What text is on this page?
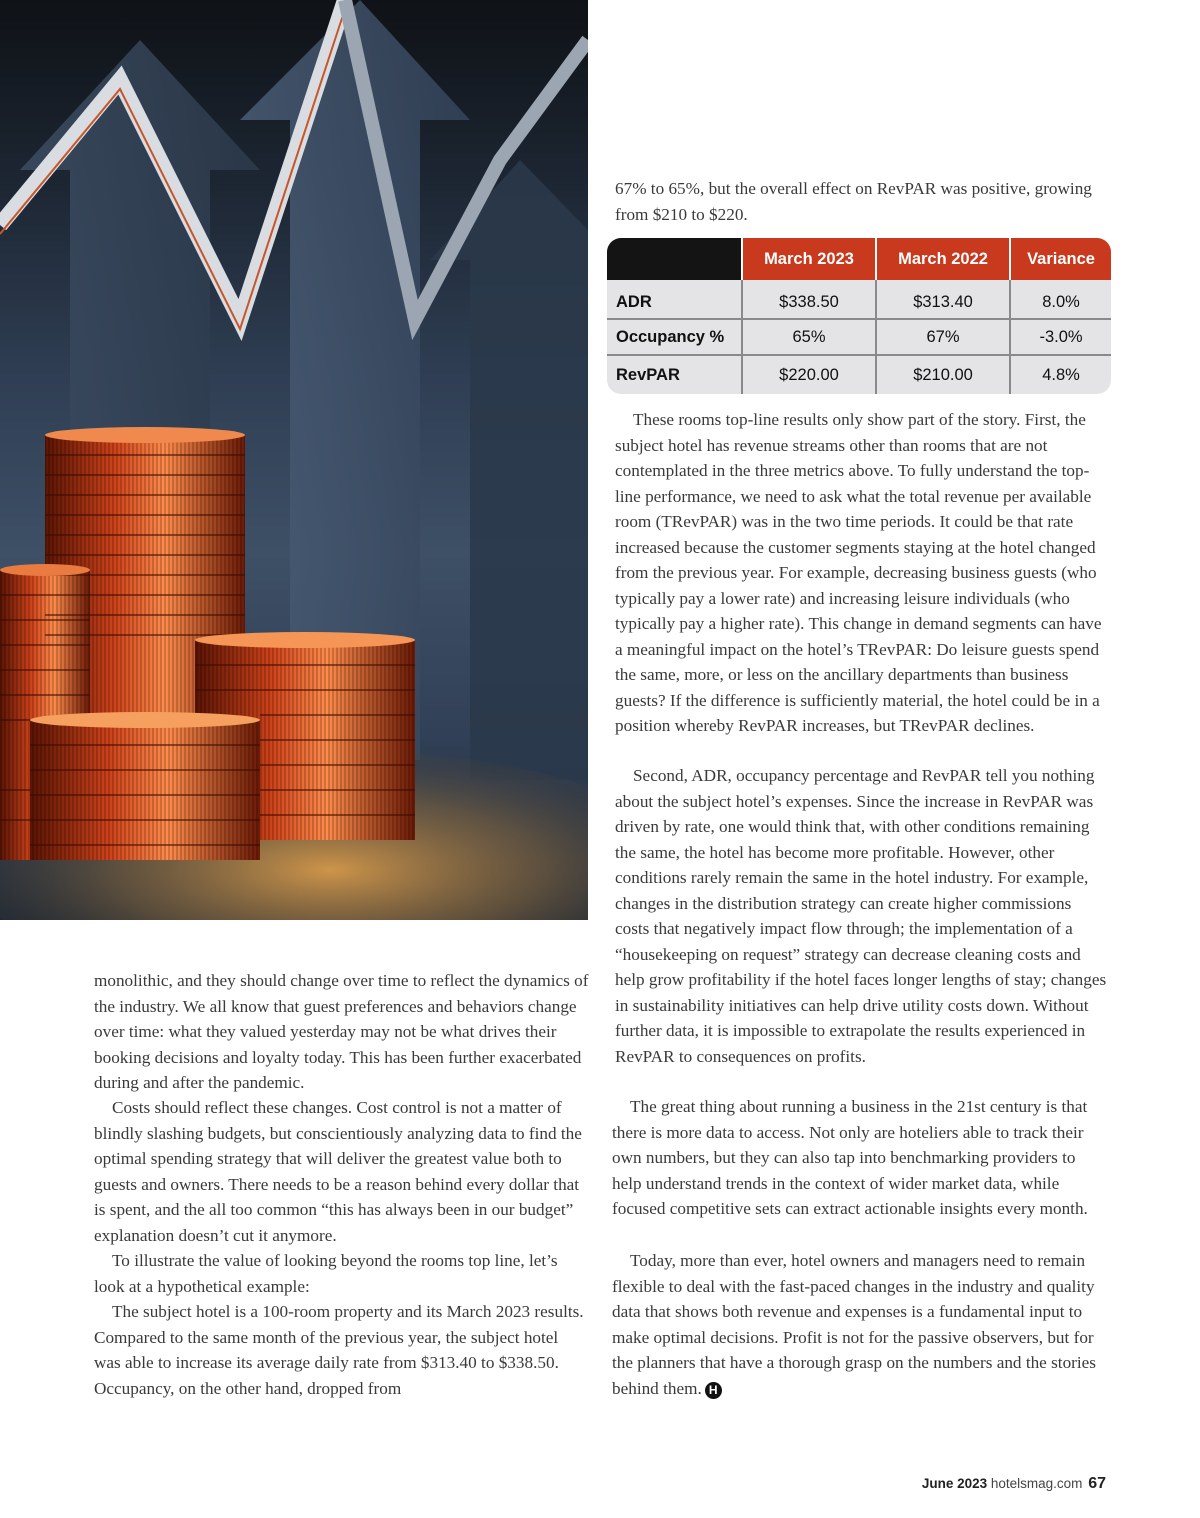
67% to 65%, but the overall effect on RevPAR was positive, growing from $210 to $220.

	March 2023	March 2022	Variance
ADR	$338.50	$313.40	8.0%
Occupancy %	65%	67%	-3.0%
RevPAR	$220.00	$210.00	4.8%

These rooms top-line results only show part of the story. First, the subject hotel has revenue streams other than rooms that are not contemplated in the three metrics above. To fully understand the top-line performance, we need to ask what the total revenue per available room (TRevPAR) was in the two time periods. It could be that rate increased because the customer segments staying at the hotel changed from the previous year. For example, decreasing business guests (who typically pay a lower rate) and increasing leisure individuals (who typically pay a higher rate). This change in demand segments can have a meaningful impact on the hotel’s TRevPAR: Do leisure guests spend the same, more, or less on the ancillary departments than business guests? If the difference is sufficiently material, the hotel could be in a position whereby RevPAR increases, but TRevPAR declines.

Second, ADR, occupancy percentage and RevPAR tell you nothing about the subject hotel’s expenses. Since the increase in RevPAR was driven by rate, one would think that, with other conditions remaining the same, the hotel has become more profitable. However, other conditions rarely remain the same in the hotel industry. For example, changes in the distribution strategy can create higher commissions costs that negatively impact flow through; the implementation of a “housekeeping on request” strategy can decrease cleaning costs and help grow profitability if the hotel faces longer lengths of stay; changes in sustainability initiatives can help drive utility costs down. Without further data, it is impossible to extrapolate the results experienced in RevPAR to consequences on profits.

The great thing about running a business in the 21st century is that there is more data to access. Not only are hoteliers able to track their own numbers, but they can also tap into benchmarking providers to help understand trends in the context of wider market data, while focused competitive sets can extract actionable insights every month.

Today, more than ever, hotel owners and managers need to remain flexible to deal with the fast-paced changes in the industry and quality data that shows both revenue and expenses is a fundamental input to make optimal decisions. Profit is not for the passive observers, but for the planners that have a thorough grasp on the numbers and the stories behind them. H

monolithic, and they should change over time to reflect the dynamics of the industry. We all know that guest preferences and behaviors change over time: what they valued yesterday may not be what drives their booking decisions and loyalty today. This has been further exacerbated during and after the pandemic.

Costs should reflect these changes. Cost control is not a matter of blindly slashing budgets, but conscientiously analyzing data to find the optimal spending strategy that will deliver the greatest value both to guests and owners. There needs to be a reason behind every dollar that is spent, and the all too common “this has always been in our budget” explanation doesn’t cut it anymore.

To illustrate the value of looking beyond the rooms top line, let’s look at a hypothetical example:

The subject hotel is a 100-room property and its March 2023 results. Compared to the same month of the previous year, the subject hotel was able to increase its average daily rate from $313.40 to $338.50. Occupancy, on the other hand, dropped from

June 2023 hotelsmag.com 67
